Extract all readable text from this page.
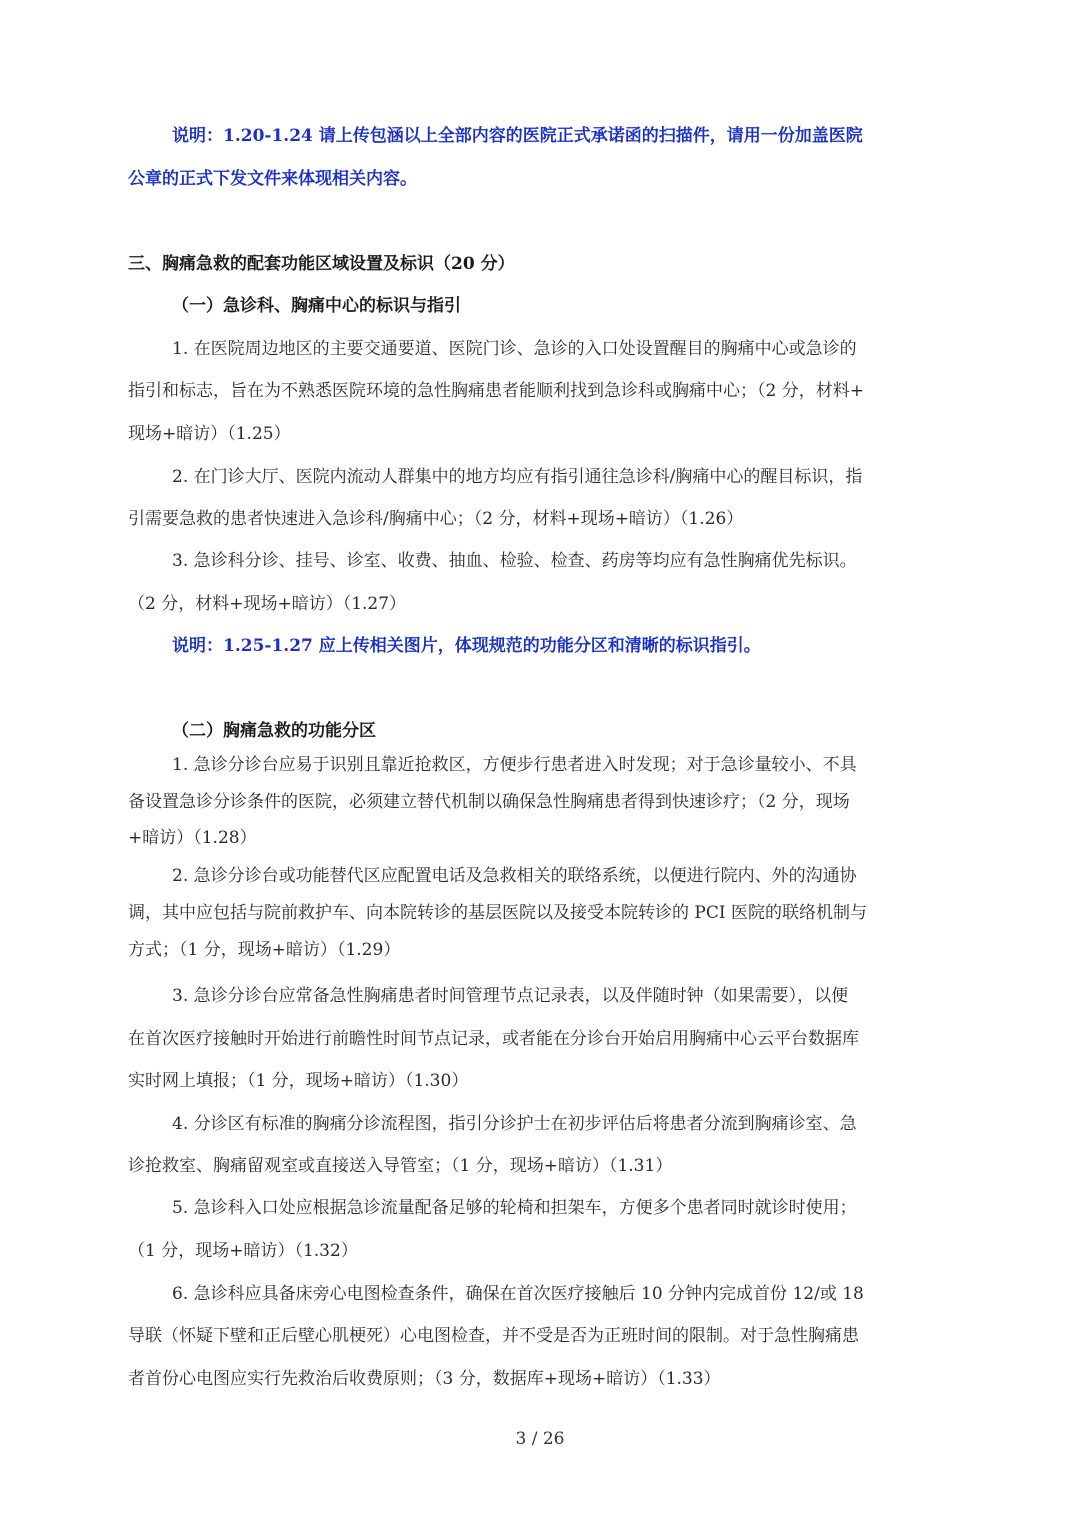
说明：1.20-1.24 请上传包涵以上全部内容的医院正式承诺函的扫描件，请用一份加盖医院
公章的正式下发文件来体现相关内容。
三、胸痛急救的配套功能区域设置及标识（20 分）
（一）急诊科、胸痛中心的标识与指引
1. 在医院周边地区的主要交通要道、医院门诊、急诊的入口处设置醒目的胸痛中心或急诊的
指引和标志，旨在为不熟悉医院环境的急性胸痛患者能顺利找到急诊科或胸痛中心；（2 分，材料+
现场+暗访）（1.25）
2. 在门诊大厅、医院内流动人群集中的地方均应有指引通往急诊科/胸痛中心的醒目标识，指
引需要急救的患者快速进入急诊科/胸痛中心；（2 分，材料+现场+暗访）（1.26）
3. 急诊科分诊、挂号、诊室、收费、抽血、检验、检查、药房等均应有急性胸痛优先标识。
（2 分，材料+现场+暗访）（1.27）
说明：1.25-1.27 应上传相关图片，体现规范的功能分区和清晰的标识指引。
（二）胸痛急救的功能分区
1. 急诊分诊台应易于识别且靠近抢救区，方便步行患者进入时发现；对于急诊量较小、不具
备设置急诊分诊条件的医院，必须建立替代机制以确保急性胸痛患者得到快速诊疗；（2 分，现场
+暗访）（1.28）
2. 急诊分诊台或功能替代区应配置电话及急救相关的联络系统，以便进行院内、外的沟通协
调，其中应包括与院前救护车、向本院转诊的基层医院以及接受本院转诊的 PCI 医院的联络机制与
方式；（1 分，现场+暗访）（1.29）
3. 急诊分诊台应常备急性胸痛患者时间管理节点记录表，以及伴随时钟（如果需要），以便
在首次医疗接触时开始进行前瞻性时间节点记录，或者能在分诊台开始启用胸痛中心云平台数据库
实时网上填报；（1 分，现场+暗访）（1.30）
4. 分诊区有标准的胸痛分诊流程图，指引分诊护士在初步评估后将患者分流到胸痛诊室、急
诊抢救室、胸痛留观室或直接送入导管室；（1 分，现场+暗访）（1.31）
5. 急诊科入口处应根据急诊流量配备足够的轮椅和担架车，方便多个患者同时就诊时使用；
（1 分，现场+暗访）（1.32）
6. 急诊科应具备床旁心电图检查条件，确保在首次医疗接触后 10 分钟内完成首份 12/或 18
导联（怀疑下壁和正后壁心肌梗死）心电图检查，并不受是否为正班时间的限制。对于急性胸痛患
者首份心电图应实行先救治后收费原则；（3 分，数据库+现场+暗访）（1.33）
3 / 26
